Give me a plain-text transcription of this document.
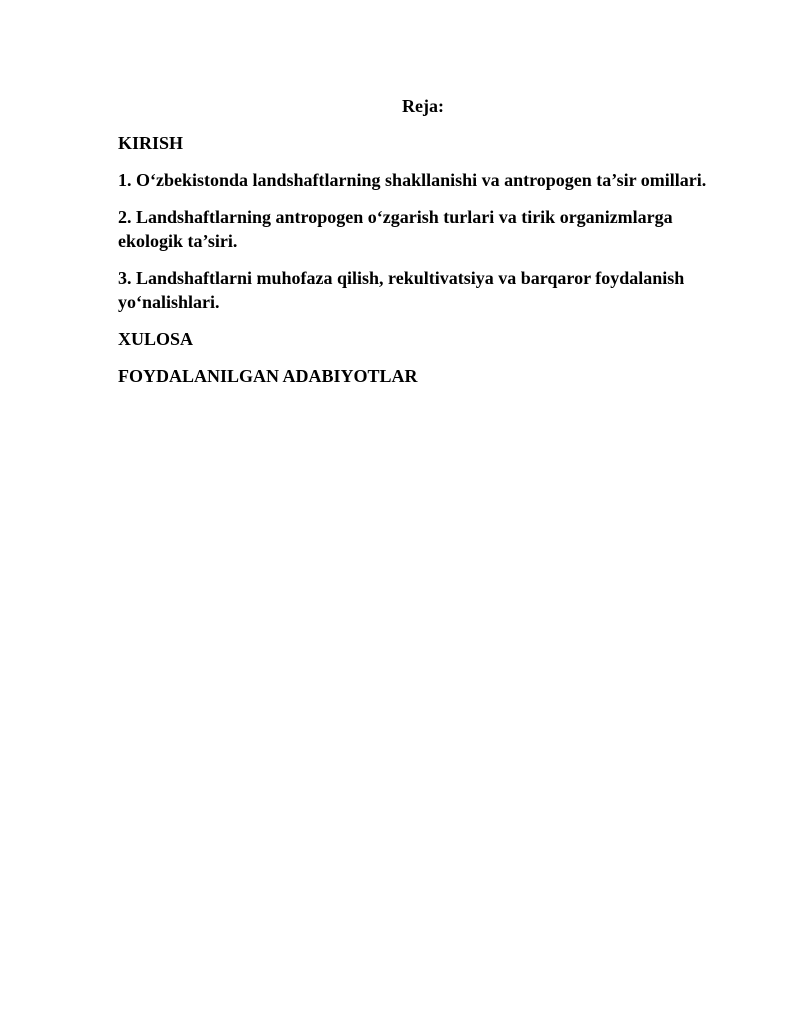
Reja:
KIRISH
1. O‘zbekistonda landshaftlarning shakllanishi va antropogen ta’sir omillari.
2. Landshaftlarning antropogen o‘zgarish turlari va tirik organizmlarga ekologik ta’siri.
3. Landshaftlarni muhofaza qilish, rekultivatsiya va barqaror foydalanish yo‘nalishlari.
XULOSA
FOYDALANILGAN ADABIYOTLAR
